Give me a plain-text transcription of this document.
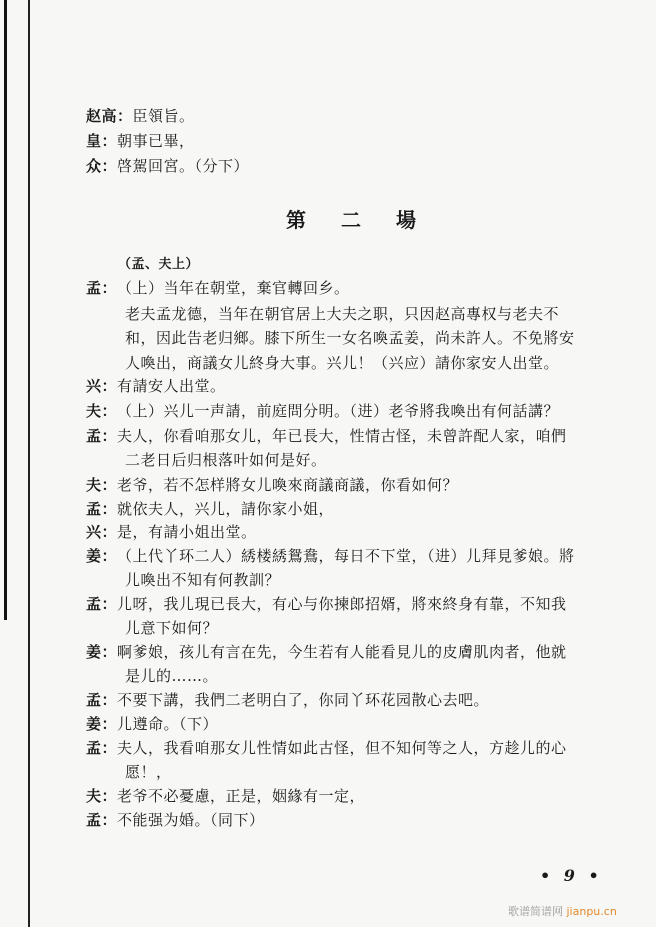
赵高：臣領旨。
皇：朝事已畢，
众：啓駕回宮。（分下）
第 二 場
（孟、夫上）
孟：（上）当年在朝堂，棄官轉回乡。
老夫孟龙德，当年在朝官居上大夫之职，只因赵高專权与老夫不
和，因此告老归鄉。膝下所生一女名喚孟姜，尚未許人。不免將安
人喚出，商議女儿終身大事。兴儿！（兴应）請你家安人出堂。
兴：有請安人出堂。
夫：（上）兴儿一声請，前庭問分明。（进）老爷將我喚出有何話講？
孟：夫人，你看咱那女儿，年已長大，性情古怪，未曾許配人家，咱們
二老日后归根落叶如何是好。
夫：老爷，若不怎样將女儿喚來商議商議，你看如何？
孟：就依夫人，兴儿，請你家小姐，
兴：是，有請小姐出堂。
姜：（上代丫环二人）綉楼綉鴛鴦，每日不下堂，（进）儿拜見爹娘。將
儿喚出不知有何教訓？
孟：儿呀，我儿現已長大，有心与你揀郎招婿，將來終身有靠，不知我
儿意下如何？
姜：啊爹娘，孩儿有言在先，今生若有人能看見儿的皮膚肌肉者，他就
是儿的……。
孟：不要下講，我們二老明白了，你同丫环花园散心去吧。
姜：儿遵命。（下）
孟：夫人，我看咱那女儿性情如此古怪，但不知何等之人，方趁儿的心
愿！，
夫：老爷不必憂慮，正是，姻緣有一定，
孟：不能强为婚。（同下）
• 9 •
歌谱简谱网 jianpu.cn
